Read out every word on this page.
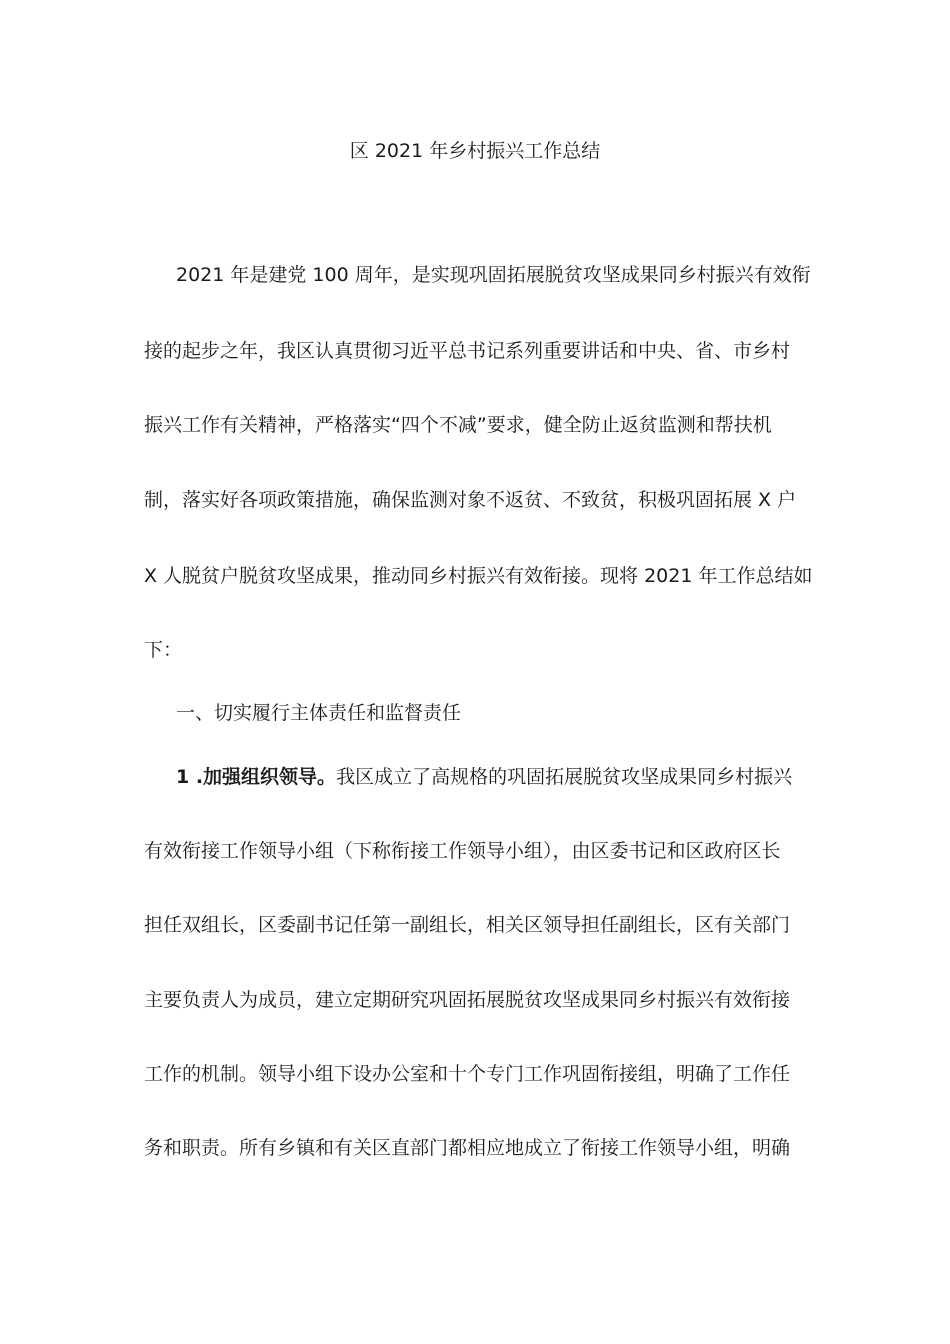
区 2021 年乡村振兴工作总结
2021 年是建党 100 周年，是实现巩固拓展脱贫攻坚成果同乡村振兴有效衔
接的起步之年，我区认真贯彻习近平总书记系列重要讲话和中央、省、市乡村
振兴工作有关精神，严格落实“四个不减”要求，健全防止返贫监测和帮扶机
制，落实好各项政策措施，确保监测对象不返贫、不致贫，积极巩固拓展 X 户
X 人脱贫户脱贫攻坚成果，推动同乡村振兴有效衔接。现将 2021 年工作总结如
下：
一、切实履行主体责任和监督责任
1 .加强组织领导。我区成立了高规格的巩固拓展脱贫攻坚成果同乡村振兴
有效衔接工作领导小组（下称衔接工作领导小组），由区委书记和区政府区长
担任双组长，区委副书记任第一副组长，相关区领导担任副组长，区有关部门
主要负责人为成员，建立定期研究巩固拓展脱贫攻坚成果同乡村振兴有效衔接
工作的机制。领导小组下设办公室和十个专门工作巩固衔接组，明确了工作任
务和职责。所有乡镇和有关区直部门都相应地成立了衔接工作领导小组，明确
